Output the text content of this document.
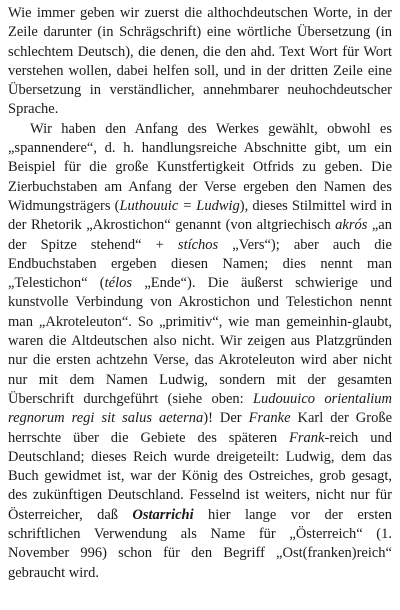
Wie immer geben wir zuerst die althochdeutschen Worte, in der Zeile darunter (in Schrägschrift) eine wörtliche Übersetzung (in schlechtem Deutsch), die denen, die den ahd. Text Wort für Wort verstehen wollen, dabei helfen soll, und in der dritten Zeile eine Übersetzung in verständlicher, annehmbarer neuhochdeutscher Sprache.

Wir haben den Anfang des Werkes gewählt, obwohl es „spannendere“, d. h. handlungsreiche Abschnitte gibt, um ein Beispiel für die große Kunstfertigkeit Otfrids zu geben. Die Zierbuchstaben am Anfang der Verse ergeben den Namen des Widmungsträgers (Luthouuic = Ludwig), dieses Stilmittel wird in der Rhetorik „Akrostichon“ genannt (von altgriechisch akrós „an der Spitze stehend“ + stíchos „Vers“); aber auch die Endbuchstaben ergeben diesen Namen; dies nennt man „Telestichon“ (télos „Ende“). Die äußerst schwierige und kunstvolle Verbindung von Akrostichon und Telestichon nennt man „Akroteleuton“. So „primitiv“, wie man gemeinhin-glaubt, waren die Altdeutschen also nicht. Wir zeigen aus Platzgründen nur die ersten achtzehn Verse, das Akroteleuton wird aber nicht nur mit dem Namen Ludwig, sondern mit der gesamten Überschrift durchgeführt (siehe oben: Ludouuico orientalium regnorum regi sit salus aeterna)! Der Franke Karl der Große herrschte über die Gebiete des späteren Frank-reich und Deutschland; dieses Reich wurde dreigeteilt: Ludwig, dem das Buch gewidmet ist, war der König des Ostreiches, grob gesagt, des zukünftigen Deutschland. Fesselnd ist weiters, nicht nur für Österreicher, daß Ostarrichi hier lange vor der ersten schriftlichen Verwendung als Name für „Österreich“ (1. November 996) schon für den Begriff „Ost(franken)reich“ gebraucht wird.
